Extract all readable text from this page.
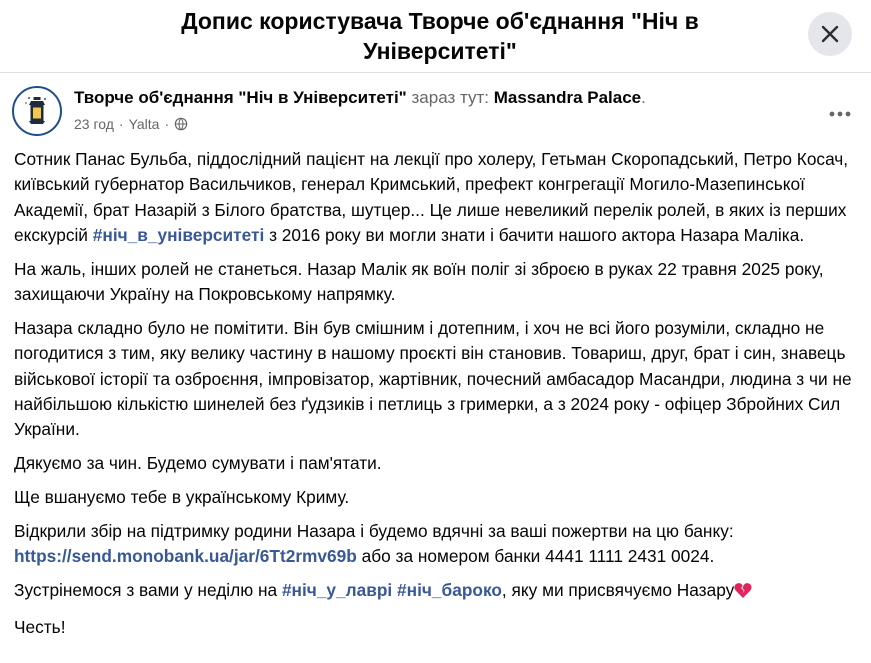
Допис користувача Творче об'єднання "Ніч в Університеті"
Творче об'єднання "Ніч в Університеті" зараз тут: Massandra Palace.
23 год · Yalta ·

Сотник Панас Бульба, піддослідний пацієнт на лекції про холеру, Гетьман Скоропадський, Петро Косач, київський губернатор Васильчиков, генерал Кримський, префект конгрегації Могило-Мазепинської Академії, брат Назарій з Білого братства, шутцер... Це лише невеликий перелік ролей, в яких із перших екскурсій #ніч_в_університеті з 2016 року ви могли знати і бачити нашого актора Назара Маліка.

На жаль, інших ролей не станеться. Назар Малік як воїн поліг зі зброєю в руках 22 травня 2025 року, захищаючи Україну на Покровському напрямку.

Назара складно було не помітити. Він був смішним і дотепним, і хоч не всі його розуміли, складно не погодитися з тим, яку велику частину в нашому проєкті він становив. Товариш, друг, брат і син, знавець військової історії та озброєння, імпровізатор, жартівник, почесний амбасадор Масандри, людина з чи не найбільшою кількістю шинелей без ґудзиків і петлиць з гримерки, а з 2024 року - офіцер Збройних Сил України.

Дякуємо за чин. Будемо сумувати і пам'ятати.

Ще вшануємо тебе в українському Криму.

Відкрили збір на підтримку родини Назара і будемо вдячні за ваші пожертви на цю банку: https://send.monobank.ua/jar/6Tt2rmv69b або за номером банки 4441 1111 2431 0024.

Зустрінемося з вами у неділю на #ніч_у_лаврі #ніч_бароко, яку ми присвячуємо Назару

Честь!
